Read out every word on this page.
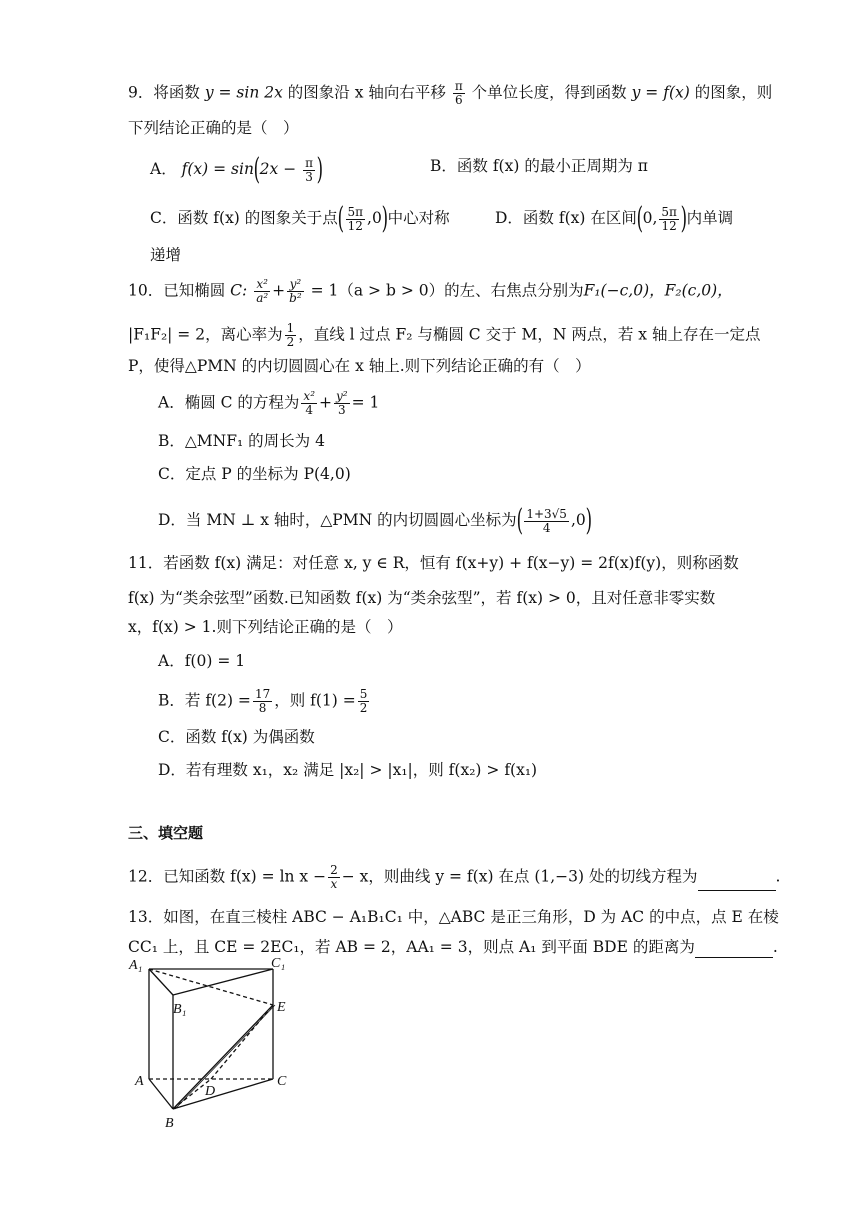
9．将函数 y = sin 2x 的图象沿 x 轴向右平移 $\frac{\pi}{6}$ 个单位长度，得到函数 y = f(x) 的图象，则
下列结论正确的是（　）
A． $f(x) = \sin(2x - \frac{\pi}{3}$ )	B．函数 f(x) 的最小正周期为 π
C．函数 f(x) 的图象关于点( $\frac{5\pi}{12} ,0$)中心对称	D．函数 f(x) 在区间(0, $\frac{5\pi}{12}$ )内单调
递增
10．已知椭圆 C: $\frac{\text{x²}}{\text{a²}} + \frac{\text{y²}}{\text{b²}} = 1(a > b > 0)$的左、右焦点分别为F₁(−c,0)，F₂(c,0)，
|F₁F₂| = 2，离心率为 $\frac{1}{2}$ ，直线 l 过点 F₂ 与椭圆 C 交于 M，N 两点，若 x 轴上存在一定点
P，使得△PMN 的内切圆圆心在 x 轴上.则下列结论正确的有（　）
A．椭圆 C 的方程为 $\frac{\text{x²}}{4} + \frac{\text{y²}}{3} = 1$
B．△MNF₁ 的周长为 4
C．定点 P 的坐标为 P(4,0)
D．当 MN ⊥ x 轴时，△PMN 的内切圆圆心坐标为( $\frac{1+3√5}{4} ,0$)
11．若函数 f(x) 满足：对任意 x, y ∈ R，恒有 f(x+y) + f(x−y) = 2f(x)f(y)，则称函数
f(x) 为“类余弦型”函数.已知函数 f(x) 为“类余弦型”，若 f(x) > 0，且对任意非零实数
x，f(x) > 1.则下列结论正确的是（　）
A．f(0) = 1
B．若 $f(2) = \frac{17}{8}$ ，则 $f(1) = \frac{5}{2}$
C．函数 f(x) 为偶函数
D．若有理数 x₁，x₂ 满足 |x₂| > |x₁|，则 f(x₂) > f(x₁)
三、填空题
12．已知函数 $f(x) = \ln x - \frac{2}{x} - x$，则曲线 y = f(x) 在点 (1,−3) 处的切线方程为	.
13．如图，在直三棱柱 ABC − A₁B₁C₁ 中，△ABC 是正三角形，D 为 AC 的中点，点 E 在棱
CC₁ 上，且 CE = 2EC₁，若 AB = 2，AA₁ = 3，则点 A₁ 到平面 BDE 的距离为	.
A₁	C₁
B₁	E
A	C
D
B
